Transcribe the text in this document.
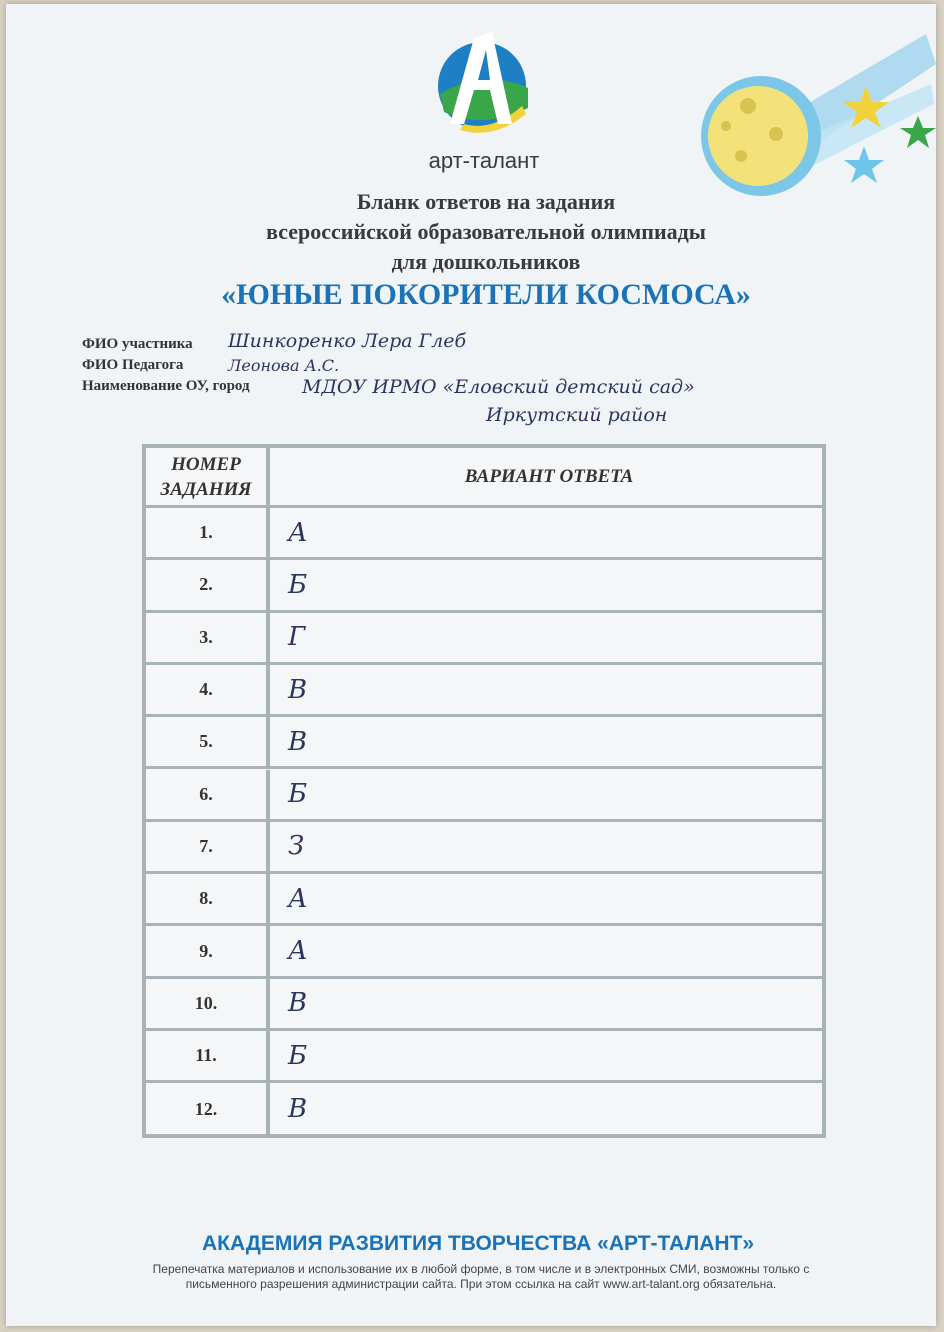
арт-талант
Бланк ответов на задания
всероссийской образовательной олимпиады
для дошкольников
«ЮНЫЕ ПОКОРИТЕЛИ КОСМОСА»
ФИО участника Шинкоренко Лера Глеб
ФИО Педагога	Леонова А.С.
Наименование ОУ, город	МДОУ ИРМО «Еловский детский сад»
Иркутский район
НОМЕР
ЗАДАНИЯ
ВАРИАНТ ОТВЕТА
1.	А
2.	Б
3.	Г
4.	В
5.	В
6.	Б
7.	З
8.	А
9.	А
10.	В
11.	Б
12.	В
АКАДЕМИЯ РАЗВИТИЯ ТВОРЧЕСТВА «АРТ-ТАЛАНТ»
Перепечатка материалов и использование их в любой форме, в том числе и в электронных СМИ, возможны только с
письменного разрешения администрации сайта. При этом ссылка на сайт www.art-talant.org обязательна.
